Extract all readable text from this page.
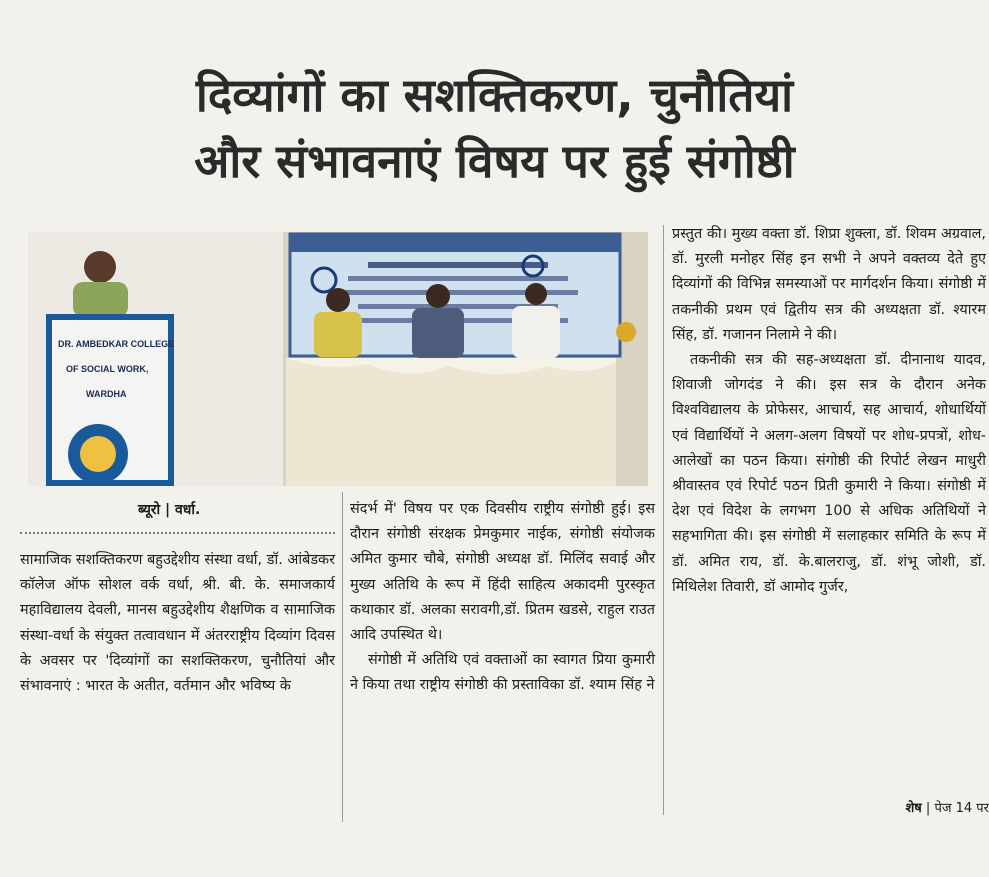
दिव्यांगों का सशक्तिकरण, चुनौतियां
और संभावनाएं विषय पर हुई संगोष्ठी
DR. AMBEDKAR COLLEGE
OF SOCIAL WORK,
WARDHA
ब्यूरो | वर्धा.

सामाजिक सशक्तिकरण बहुउद्देशीय संस्था वर्धा, डॉ. आंबेडकर कॉलेज ऑफ सोशल वर्क वर्धा, श्री. बी. के. समाजकार्य महाविद्यालय देवली, मानस बहुउद्देशीय शैक्षणिक व सामाजिक संस्था-वर्धा के संयुक्त तत्वावधान में अंतरराष्ट्रीय दिव्यांग दिवस के अवसर पर 'दिव्यांगों का सशक्तिकरण, चुनौतियां और संभावनाएं : भारत के अतीत, वर्तमान और भविष्य के

संदर्भ में' विषय पर एक दिवसीय राष्ट्रीय संगोष्ठी हुई। इस दौरान संगोष्ठी संरक्षक प्रेमकुमार नाईक, संगोष्ठी संयोजक अमित कुमार चौबे, संगोष्ठी अध्यक्ष डॉ. मिलिंद सवाई और मुख्य अतिथि के रूप में हिंदी साहित्य अकादमी पुरस्कृत कथाकार डॉ. अलका सरावगी,डॉ. प्रितम खडसे, राहुल राउत आदि उपस्थित थे।

संगोष्ठी में अतिथि एवं वक्ताओं का स्वागत प्रिया कुमारी ने किया तथा राष्ट्रीय संगोष्ठी की प्रस्ताविका डॉ. श्याम सिंह ने

प्रस्तुत की। मुख्य वक्ता डॉ. शिप्रा शुक्ला, डॉ. शिवम अग्रवाल, डॉ. मुरली मनोहर सिंह इन सभी ने अपने वक्तव्य देते हुए दिव्यांगों की विभिन्न समस्याओं पर मार्गदर्शन किया। संगोष्ठी में तकनीकी प्रथम एवं द्वितीय सत्र की अध्यक्षता डॉ. श्यारम सिंह, डॉ. गजानन निलामे ने की।

तकनीकी सत्र की सह-अध्यक्षता डॉ. दीनानाथ यादव, शिवाजी जोगदंड ने की। इस सत्र के दौरान अनेक विश्वविद्यालय के प्रोफेसर, आचार्य, सह आचार्य, शोधार्थियों एवं विद्यार्थियों ने अलग-अलग विषयों पर शोध-प्रपत्रों, शोध-आलेखों का पठन किया। संगोष्ठी की रिपोर्ट लेखन माधुरी श्रीवास्तव एवं रिपोर्ट पठन प्रिती कुमारी ने किया। संगोष्ठी में देश एवं विदेश के लगभग 100 से अधिक अतिथियों ने सहभागिता की। इस संगोष्ठी में सलाहकार समिति के रूप में डॉ. अमित राय, डॉ. के.बालराजु, डॉ. शंभू जोशी, डॉ. मिथिलेश तिवारी, डॉ आमोद गुर्जर,

शेष | पेज 14 पर
